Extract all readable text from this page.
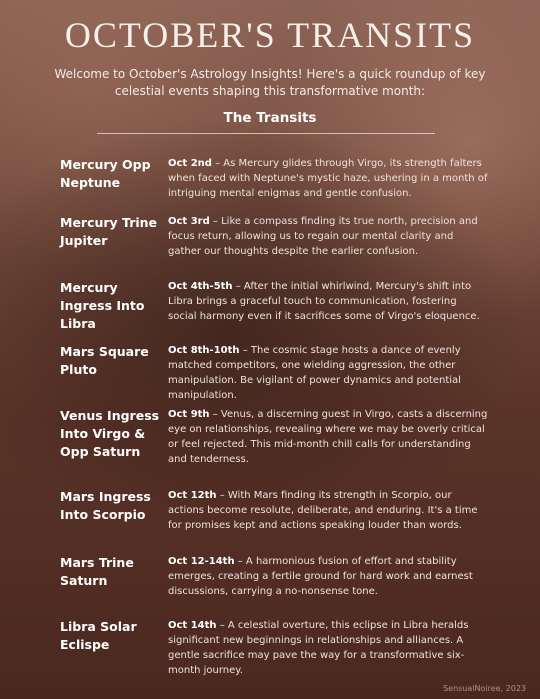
OCTOBER'S TRANSITS
Welcome to October's Astrology Insights! Here's a quick roundup of key celestial events shaping this transformative month:
The Transits
Mercury Opp Neptune
Oct 2nd – As Mercury glides through Virgo, its strength falters when faced with Neptune's mystic haze, ushering in a month of intriguing mental enigmas and gentle confusion.
Mercury Trine Jupiter
Oct 3rd – Like a compass finding its true north, precision and focus return, allowing us to regain our mental clarity and gather our thoughts despite the earlier confusion.
Mercury Ingress Into Libra
Oct 4th-5th – After the initial whirlwind, Mercury's shift into Libra brings a graceful touch to communication, fostering social harmony even if it sacrifices some of Virgo's eloquence.
Mars Square Pluto
Oct 8th-10th – The cosmic stage hosts a dance of evenly matched competitors, one wielding aggression, the other manipulation. Be vigilant of power dynamics and potential manipulation.
Venus Ingress Into Virgo & Opp Saturn
Oct 9th – Venus, a discerning guest in Virgo, casts a discerning eye on relationships, revealing where we may be overly critical or feel rejected. This mid-month chill calls for understanding and tenderness.
Mars Ingress Into Scorpio
Oct 12th – With Mars finding its strength in Scorpio, our actions become resolute, deliberate, and enduring. It's a time for promises kept and actions speaking louder than words.
Mars Trine Saturn
Oct 12-14th – A harmonious fusion of effort and stability emerges, creating a fertile ground for hard work and earnest discussions, carrying a no-nonsense tone.
Libra Solar Eclispe
Oct 14th – A celestial overture, this eclipse in Libra heralds significant new beginnings in relationships and alliances. A gentle sacrifice may pave the way for a transformative six-month journey.
SensualNoiree, 2023
